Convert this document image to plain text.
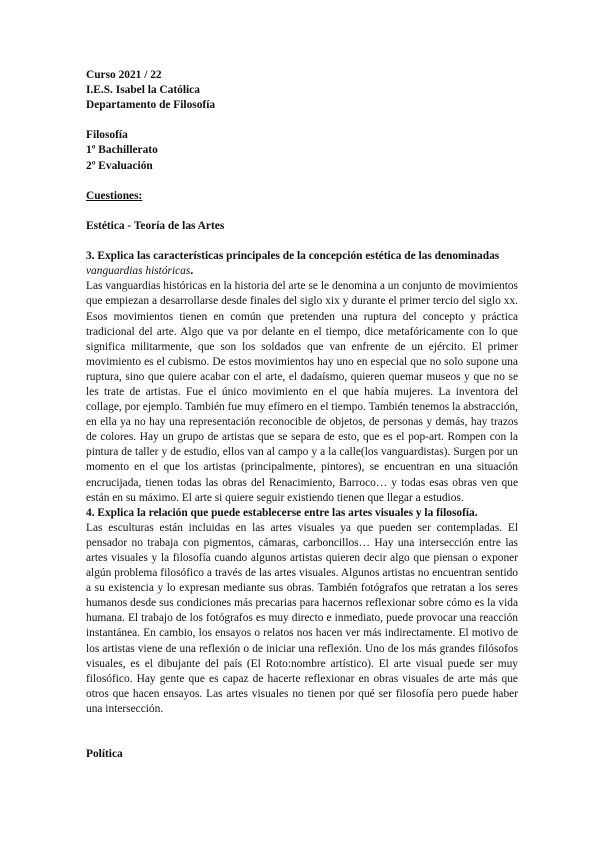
Curso 2021 / 22

I.E.S. Isabel la Católica

Departamento de Filosofía

Filosofía

1º Bachillerato

2º Evaluación

Cuestiones:

Estética - Teoría de las Artes

3. Explica las características principales de la concepción estética de las denominadas vanguardias históricas.

Las vanguardias históricas en la historia del arte se le denomina a un conjunto de movimientos que empiezan a desarrollarse desde finales del siglo xix y durante el primer tercio del siglo xx. Esos movimientos tienen en común que pretenden una ruptura del concepto y práctica tradicional del arte. Algo que va por delante en el tiempo, dice metafóricamente con lo que significa militarmente, que son los soldados que van enfrente de un ejército. El primer movimiento es el cubismo. De estos movimientos hay uno en especial que no solo supone una ruptura, sino que quiere acabar con el arte, el dadaísmo, quieren quemar museos y que no se les trate de artistas. Fue el único movimiento en el que había mujeres. La inventora del collage, por ejemplo. También fue muy efímero en el tiempo. También tenemos la abstracción, en ella ya no hay una representación reconocible de objetos, de personas y demás, hay trazos de colores. Hay un grupo de artistas que se separa de esto, que es el pop-art. Rompen con la pintura de taller y de estudio, ellos van al campo y a la calle(los vanguardistas). Surgen por un momento en el que los artistas (principalmente, pintores), se encuentran en una situación encrucijada, tienen todas las obras del Renacimiento, Barroco… y todas esas obras ven que están en su máximo. El arte si quiere seguir existiendo tienen que llegar a estudios.

4. Explica la relación que puede establecerse entre las artes visuales y la filosofía.

Las esculturas están incluidas en las artes visuales ya que pueden ser contempladas. El pensador no trabaja con pigmentos, cámaras, carboncillos… Hay una intersección entre las artes visuales y la filosofía cuando algunos artistas quieren decir algo que piensan o exponer algún problema filosófico a través de las artes visuales. Algunos artistas no encuentran sentido a su existencia y lo expresan mediante sus obras. También fotógrafos que retratan a los seres humanos desde sus condiciones más precarias para hacernos reflexionar sobre cómo es la vida humana. El trabajo de los fotógrafos es muy directo e inmediato, puede provocar una reacción instantánea. En cambio, los ensayos o relatos nos hacen ver más indirectamente. El motivo de los artistas viene de una reflexión o de iniciar una reflexión. Uno de los más grandes filósofos visuales, es el dibujante del país (El Roto:nombre artístico). El arte visual puede ser muy filosófico. Hay gente que es capaz de hacerte reflexionar en obras visuales de arte más que otros que hacen ensayos. Las artes visuales no tienen por qué ser filosofía pero puede haber una intersección.

Política
